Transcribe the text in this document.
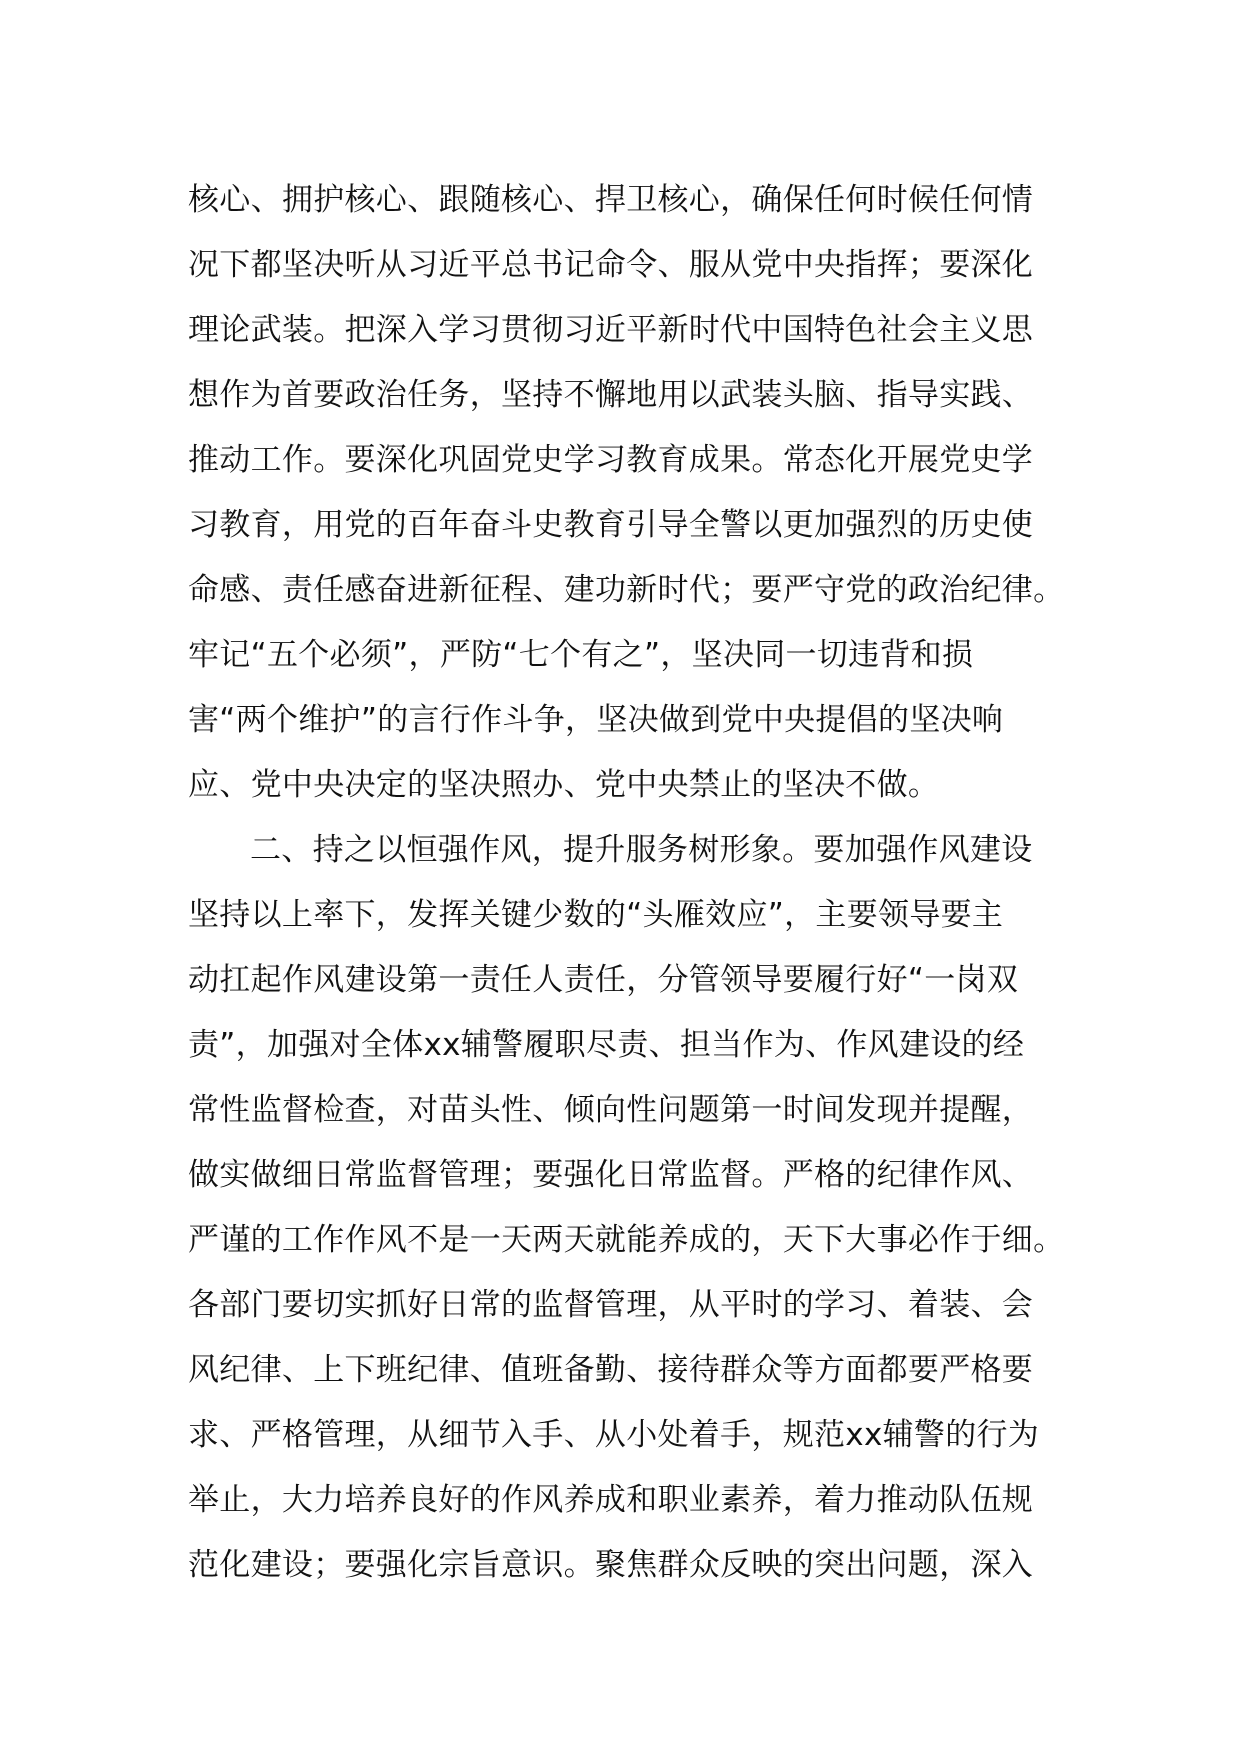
核心、拥护核心、跟随核心、捍卫核心，确保任何时候任何情
况下都坚决听从习近平总书记命令、服从党中央指挥；要深化
理论武装。把深入学习贯彻习近平新时代中国特色社会主义思
想作为首要政治任务，坚持不懈地用以武装头脑、指导实践、
推动工作。要深化巩固党史学习教育成果。常态化开展党史学
习教育，用党的百年奋斗史教育引导全警以更加强烈的历史使
命感、责任感奋进新征程、建功新时代；要严守党的政治纪律。
牢记“五个必须”，严防“七个有之”，坚决同一切违背和损
害“两个维护”的言行作斗争，坚决做到党中央提倡的坚决响
应、党中央决定的坚决照办、党中央禁止的坚决不做。
二、持之以恒强作风，提升服务树形象。要加强作风建设
坚持以上率下，发挥关键少数的“头雁效应”，主要领导要主
动扛起作风建设第一责任人责任，分管领导要履行好“一岗双
责”，加强对全体xx辅警履职尽责、担当作为、作风建设的经
常性监督检查，对苗头性、倾向性问题第一时间发现并提醒，
做实做细日常监督管理；要强化日常监督。严格的纪律作风、
严谨的工作作风不是一天两天就能养成的，天下大事必作于细。
各部门要切实抓好日常的监督管理，从平时的学习、着装、会
风纪律、上下班纪律、值班备勤、接待群众等方面都要严格要
求、严格管理，从细节入手、从小处着手，规范xx辅警的行为
举止，大力培养良好的作风养成和职业素养，着力推动队伍规
范化建设；要强化宗旨意识。聚焦群众反映的突出问题，深入
